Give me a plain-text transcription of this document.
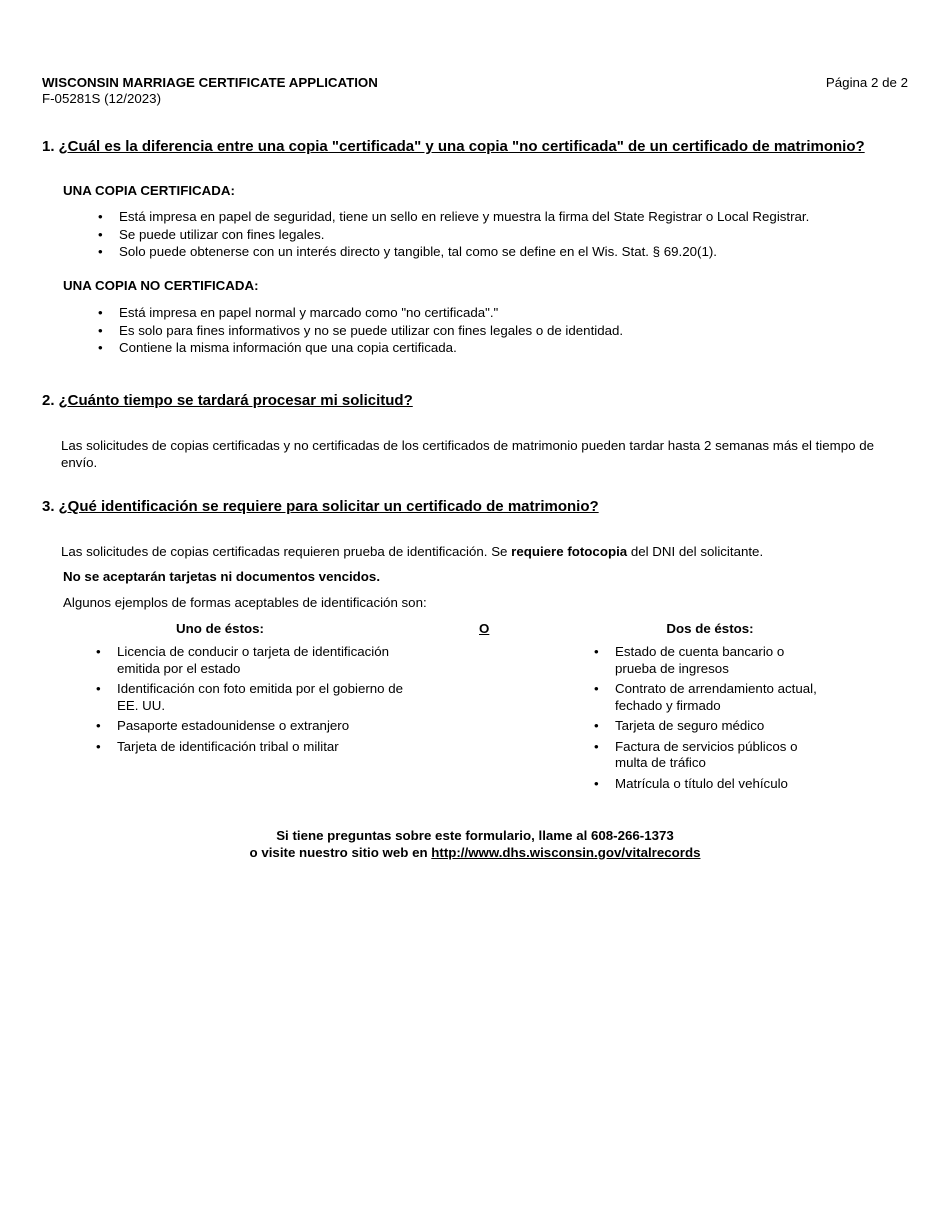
WISCONSIN MARRIAGE CERTIFICATE APPLICATION
F-05281S (12/2023)
Página 2 de 2
1. ¿Cuál es la diferencia entre una copia "certificada" y una copia "no certificada" de un certificado de matrimonio?
UNA COPIA CERTIFICADA:
• Está impresa en papel de seguridad, tiene un sello en relieve y muestra la firma del State Registrar o Local Registrar.
• Se puede utilizar con fines legales.
• Solo puede obtenerse con un interés directo y tangible, tal como se define en el Wis. Stat. § 69.20(1).
UNA COPIA NO CERTIFICADA:
• Está impresa en papel normal y marcado como "no certificada"."
• Es solo para fines informativos y no se puede utilizar con fines legales o de identidad.
• Contiene la misma información que una copia certificada.
2. ¿Cuánto tiempo se tardará procesar mi solicitud?
Las solicitudes de copias certificadas y no certificadas de los certificados de matrimonio pueden tardar hasta 2 semanas más el tiempo de envío.
3. ¿Qué identificación se requiere para solicitar un certificado de matrimonio?
Las solicitudes de copias certificadas requieren prueba de identificación. Se requiere fotocopia del DNI del solicitante.
No se aceptarán tarjetas ni documentos vencidos.
Algunos ejemplos de formas aceptables de identificación son:
Uno de éstos:	O	Dos de éstos:
• Licencia de conducir o tarjeta de identificación emitida por el estado
• Identificación con foto emitida por el gobierno de EE. UU.
• Pasaporte estadounidense o extranjero
• Tarjeta de identificación tribal o militar
• Estado de cuenta bancario o prueba de ingresos
• Contrato de arrendamiento actual, fechado y firmado
• Tarjeta de seguro médico
• Factura de servicios públicos o multa de tráfico
• Matrícula o título del vehículo
Si tiene preguntas sobre este formulario, llame al 608-266-1373
o visite nuestro sitio web en http://www.dhs.wisconsin.gov/vitalrecords
